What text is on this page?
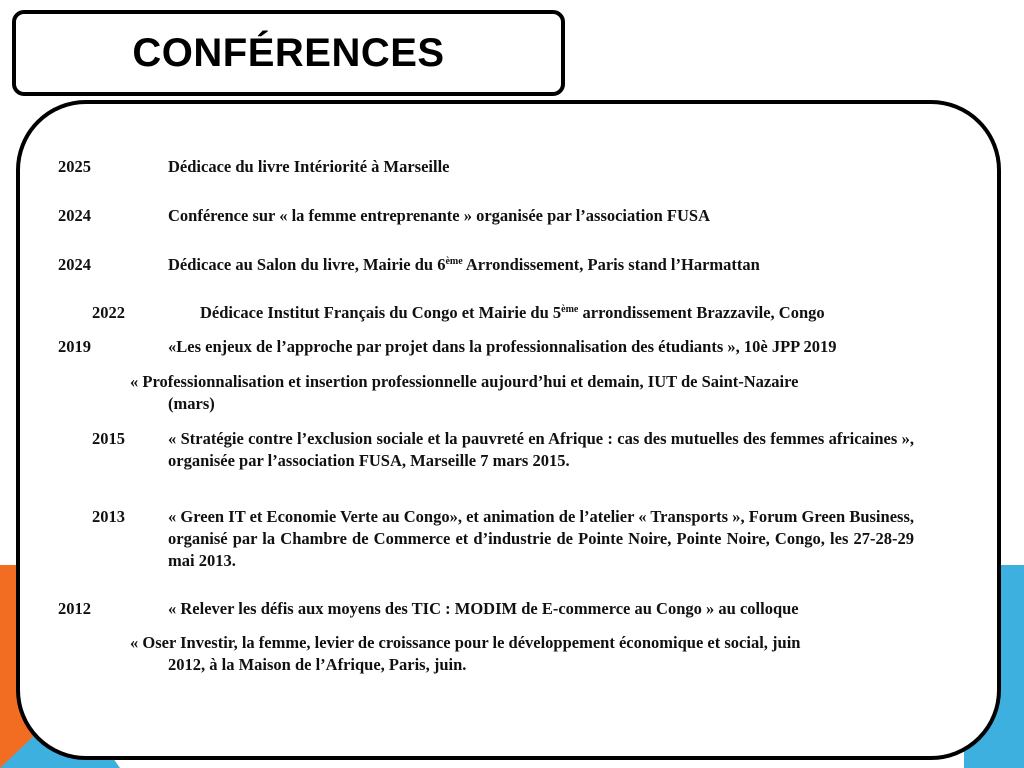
CONFÉRENCES
2025	Dédicace du livre Intériorité à Marseille
2024	Conférence sur « la femme entreprenante » organisée par l’association FUSA
2024	Dédicace au Salon du livre, Mairie du 6ème Arrondissement, Paris stand l’Harmattan
2022	Dédicace Institut Français du Congo et Mairie du 5ème arrondissement Brazzavile, Congo
2019	«Les enjeux de l’approche par projet dans la professionnalisation des étudiants », 10è JPP 2019
« Professionnalisation et insertion professionnelle aujourd’hui et demain, IUT de Saint-Nazaire
(mars)
2015	« Stratégie contre l’exclusion sociale et la pauvreté en Afrique : cas des mutuelles des femmes africaines », organisée par l’association FUSA, Marseille 7 mars 2015.
2013	« Green IT et Economie Verte au Congo», et animation de l’atelier « Transports », Forum Green Business, organisé par la Chambre de Commerce et d’industrie de Pointe Noire, Pointe Noire, Congo, les 27-28-29 mai 2013.
2012	« Relever les défis aux moyens des TIC : MODIM de E-commerce au Congo » au colloque
« Oser Investir, la femme, levier de croissance pour le développement économique et social, juin
2012, à la Maison de l’Afrique, Paris, juin.
